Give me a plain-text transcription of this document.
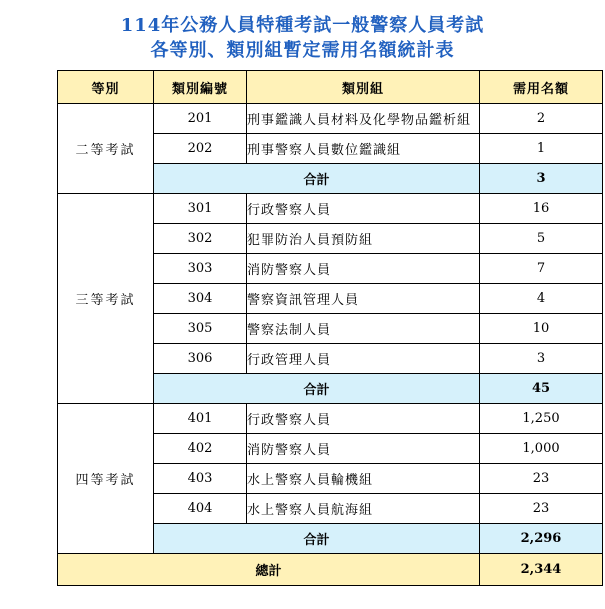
114年公務人員特種考試一般警察人員考試
各等別、類別組暫定需用名額統計表
等別	類別編號	類別組	需用名額
二等考試	201	刑事鑑識人員材料及化學物品鑑析組	2
	202	刑事警察人員數位鑑識組	1
	合計		3
三等考試	301	行政警察人員	16
	302	犯罪防治人員預防組	5
	303	消防警察人員	7
	304	警察資訊管理人員	4
	305	警察法制人員	10
	306	行政管理人員	3
	合計		45
四等考試	401	行政警察人員	1,250
	402	消防警察人員	1,000
	403	水上警察人員輪機組	23
	404	水上警察人員航海組	23
	合計		2,296
總計			2,344
